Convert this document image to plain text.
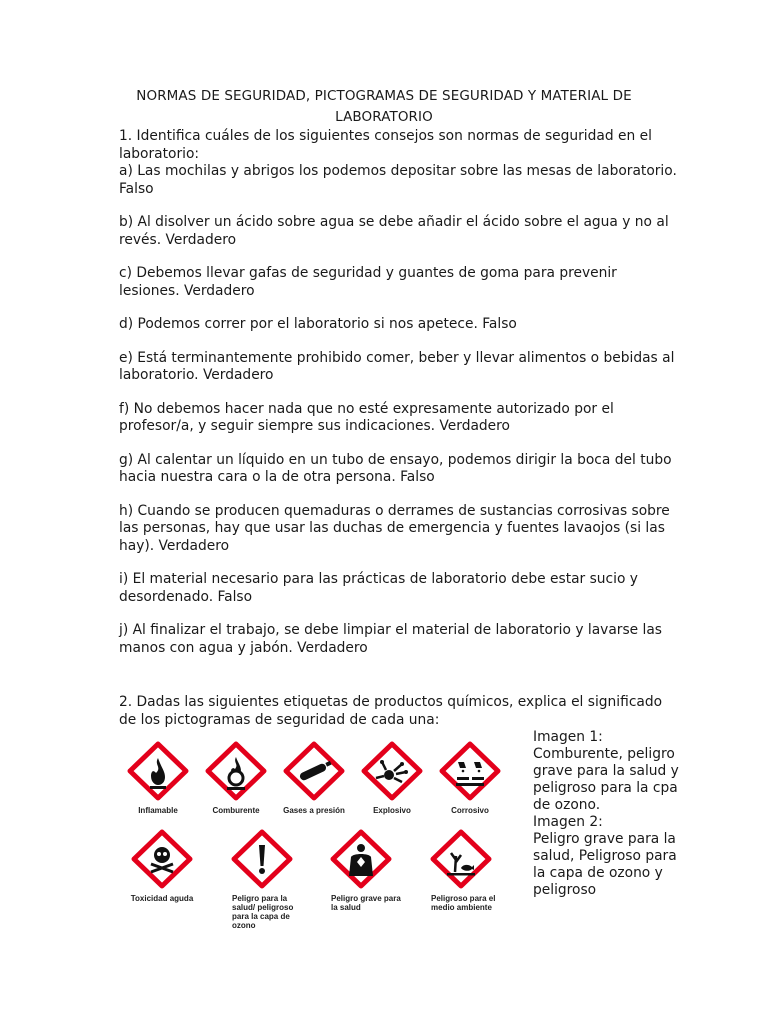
NORMAS DE SEGURIDAD, PICTOGRAMAS DE SEGURIDAD Y MATERIAL DE LABORATORIO

1. Identifica cuáles de los siguientes consejos son normas de seguridad en el laboratorio:

a) Las mochilas y abrigos los podemos depositar sobre las mesas de laboratorio. Falso

b) Al disolver un ácido sobre agua se debe añadir el ácido sobre el agua y no al revés. Verdadero

c) Debemos llevar gafas de seguridad y guantes de goma para prevenir lesiones. Verdadero

d) Podemos correr por el laboratorio si nos apetece. Falso

e) Está terminantemente prohibido comer, beber y llevar alimentos o bebidas al laboratorio. Verdadero

f) No debemos hacer nada que no esté expresamente autorizado por el profesor/a, y seguir siempre sus indicaciones. Verdadero

g) Al calentar un líquido en un tubo de ensayo, podemos dirigir la boca del tubo hacia nuestra cara o la de otra persona. Falso

h) Cuando se producen quemaduras o derrames de sustancias corrosivas sobre las personas, hay que usar las duchas de emergencia y fuentes lavaojos (si las hay). Verdadero

i) El material necesario para las prácticas de laboratorio debe estar sucio y desordenado. Falso

j) Al finalizar el trabajo, se debe limpiar el material de laboratorio y lavarse las manos con agua y jabón. Verdadero

2. Dadas las siguientes etiquetas de productos químicos, explica el significado de los pictogramas de seguridad de cada una:
Imagen 1:
Comburente, peligro grave para la salud y peligroso para la cpa de ozono.
Imagen 2:
Peligro grave para la salud, Peligroso para la capa de ozono y peligroso
Inflamable	Comburente	Gases a presión	Explosivo	Corrosivo
Toxicidad aguda	Peligro para la salud/ peligroso para la capa de ozono
Peligro grave para la salud
Peligroso para el medio ambiente
